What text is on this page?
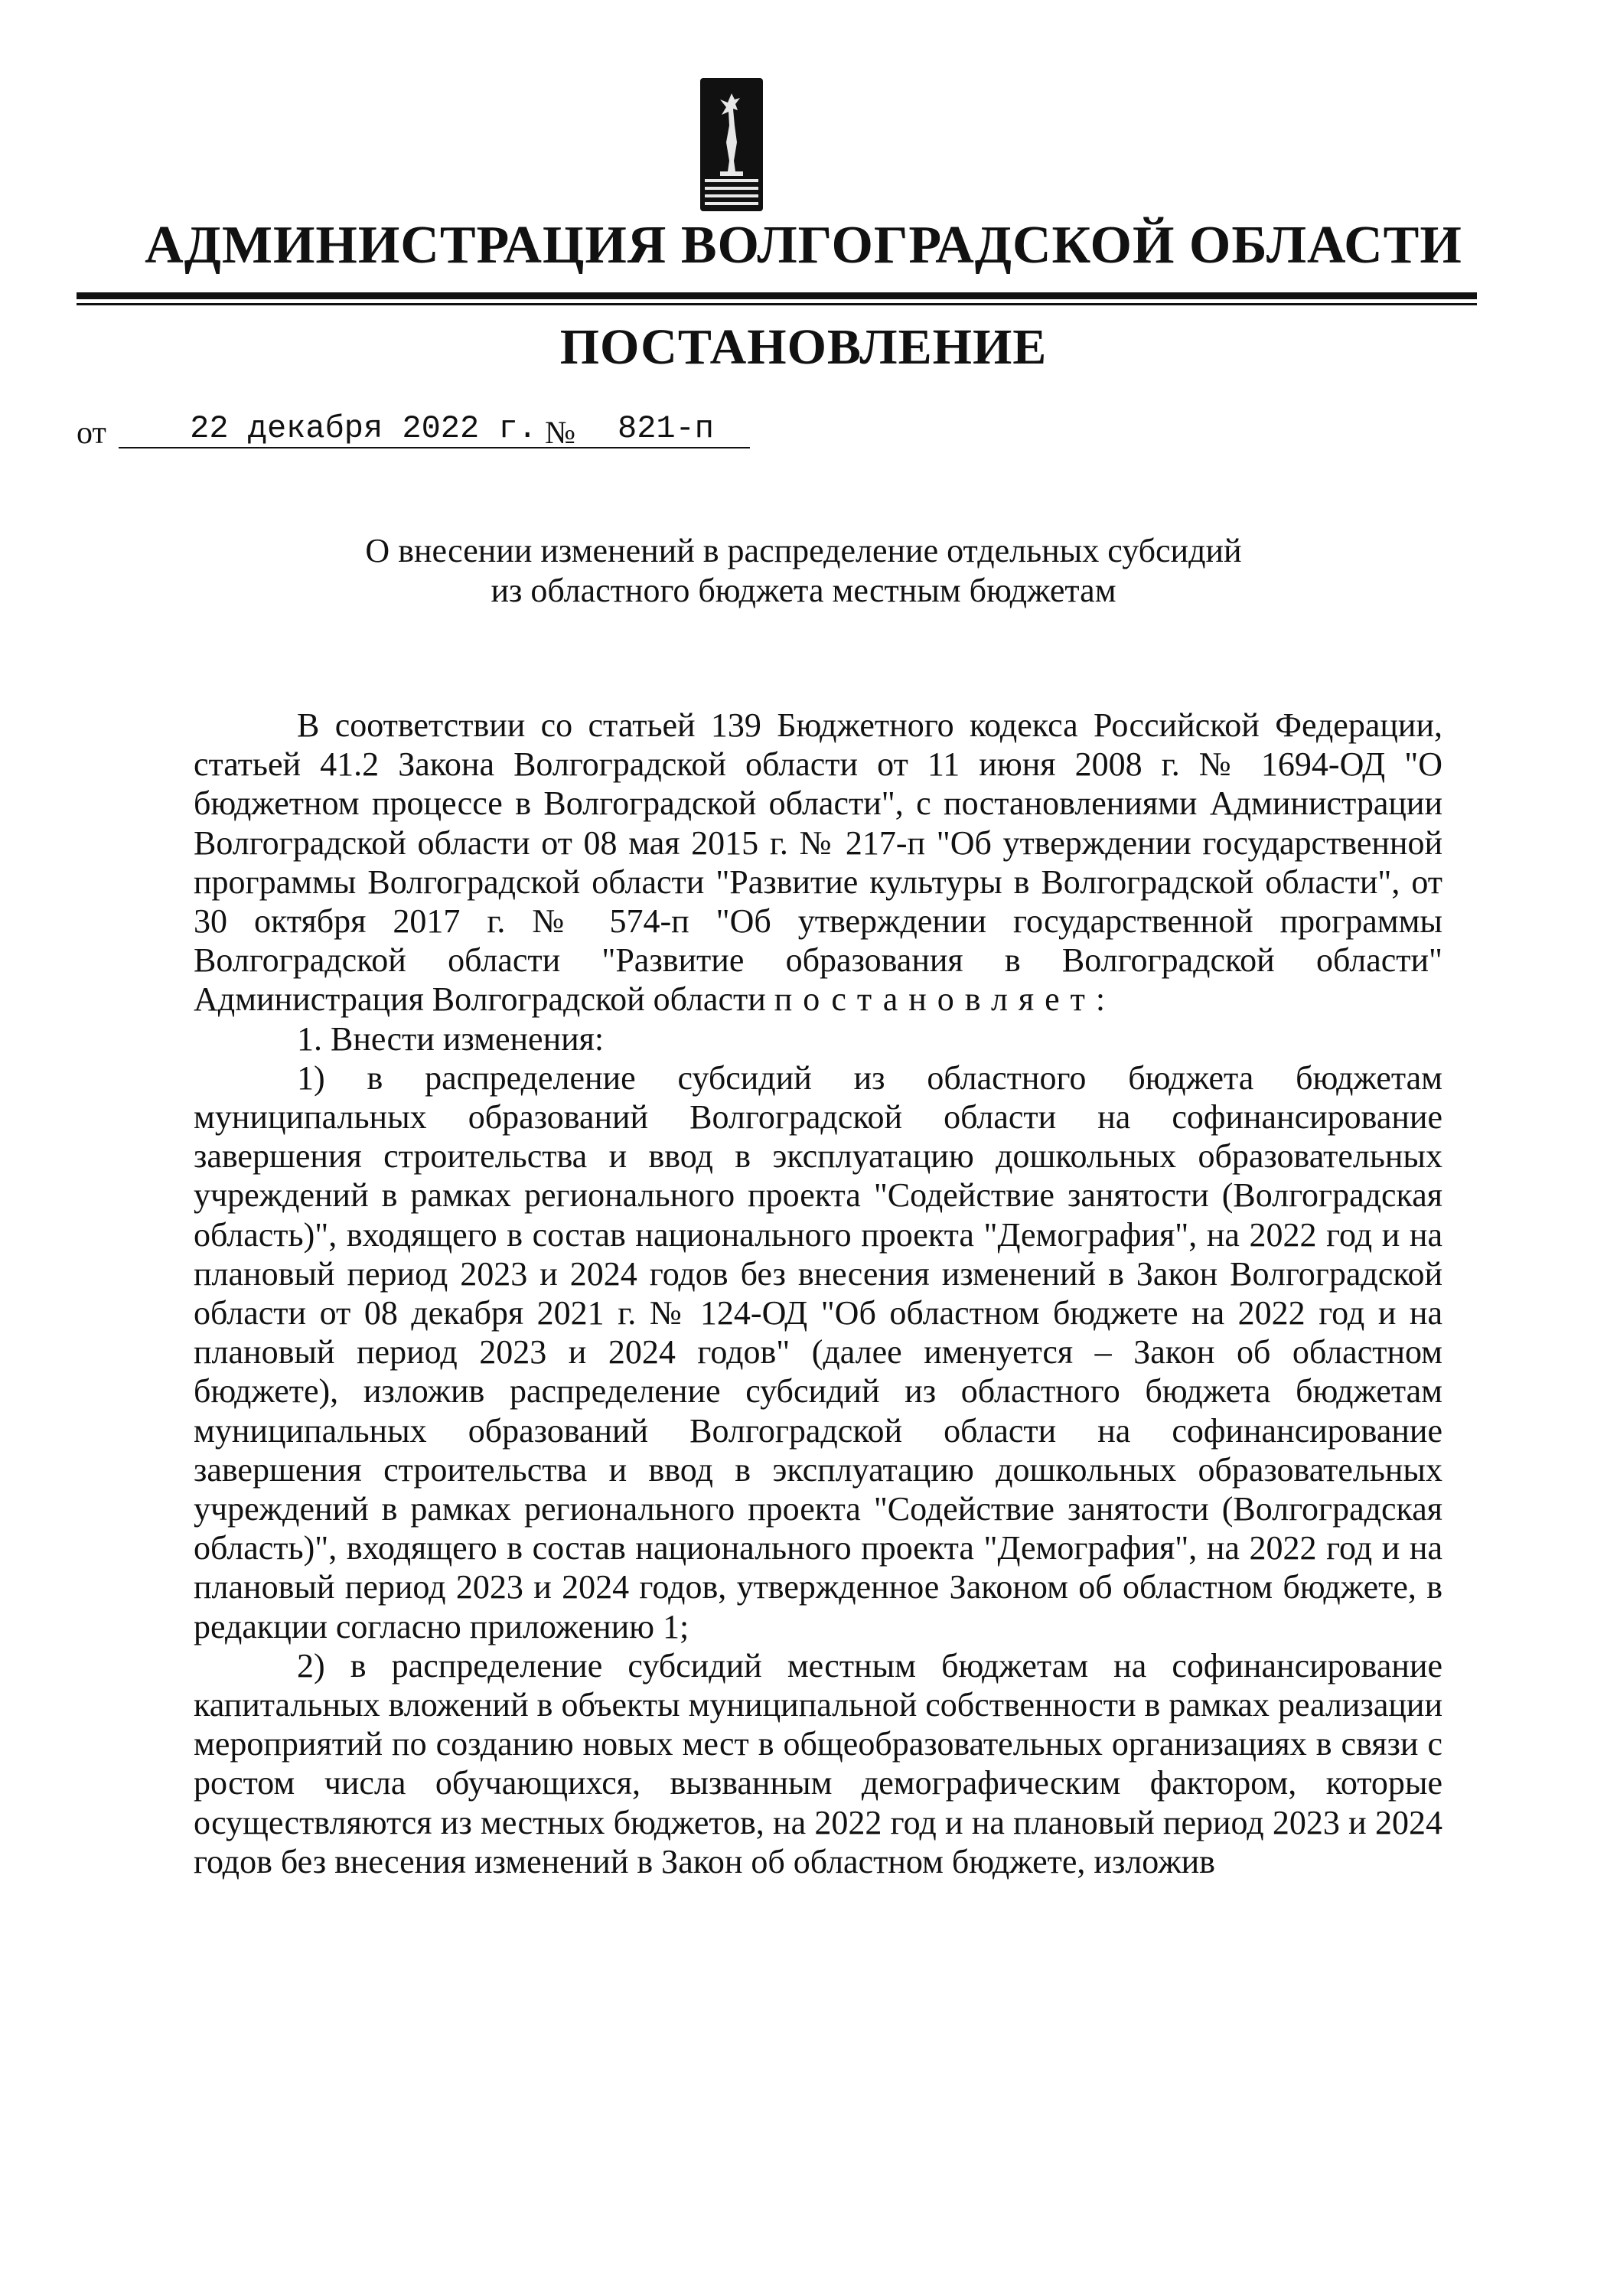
АДМИНИСТРАЦИЯ ВОЛГОГРАДСКОЙ ОБЛАСТИ
ПОСТАНОВЛЕНИЕ
от	22 декабря 2022 г. №	821-п
О внесении изменений в распределение отдельных субсидий
из областного бюджета местным бюджетам

В соответствии со статьей 139 Бюджетного кодекса Российской Федерации, статьей 41.2 Закона Волгоградской области от 11 июня 2008 г. № 1694-ОД "О бюджетном процессе в Волгоградской области", с постановлениями Администрации Волгоградской области от 08 мая 2015 г. № 217-п "Об утверждении государственной программы Волгоградской области "Развитие культуры в Волгоградской области", от 30 октября 2017 г. № 574-п "Об утверждении государственной программы Волгоградской области "Развитие образования в Волгоградской области" Администрация Волгоградской области постановляет:

1. Внести изменения:

1) в распределение субсидий из областного бюджета бюджетам муниципальных образований Волгоградской области на софинансирование завершения строительства и ввод в эксплуатацию дошкольных образовательных учреждений в рамках регионального проекта "Содействие занятости (Волгоградская область)", входящего в состав национального проекта "Демография", на 2022 год и на плановый период 2023 и 2024 годов без внесения изменений в Закон Волгоградской области от 08 декабря 2021 г. № 124-ОД "Об областном бюджете на 2022 год и на плановый период 2023 и 2024 годов" (далее именуется – Закон об областном бюджете), изложив распределение субсидий из областного бюджета бюджетам муниципальных образований Волгоградской области на софинансирование завершения строительства и ввод в эксплуатацию дошкольных образовательных учреждений в рамках регионального проекта "Содействие занятости (Волгоградская область)", входящего в состав национального проекта "Демография", на 2022 год и на плановый период 2023 и 2024 годов, утвержденное Законом об областном бюджете, в редакции согласно приложению 1;

2) в распределение субсидий местным бюджетам на софинансирование капитальных вложений в объекты муниципальной собственности в рамках реализации мероприятий по созданию новых мест в общеобразовательных организациях в связи с ростом числа обучающихся, вызванным демографическим фактором, которые осуществляются из местных бюджетов, на 2022 год и на плановый период 2023 и 2024 годов без внесения изменений в Закон об областном бюджете, изложив
